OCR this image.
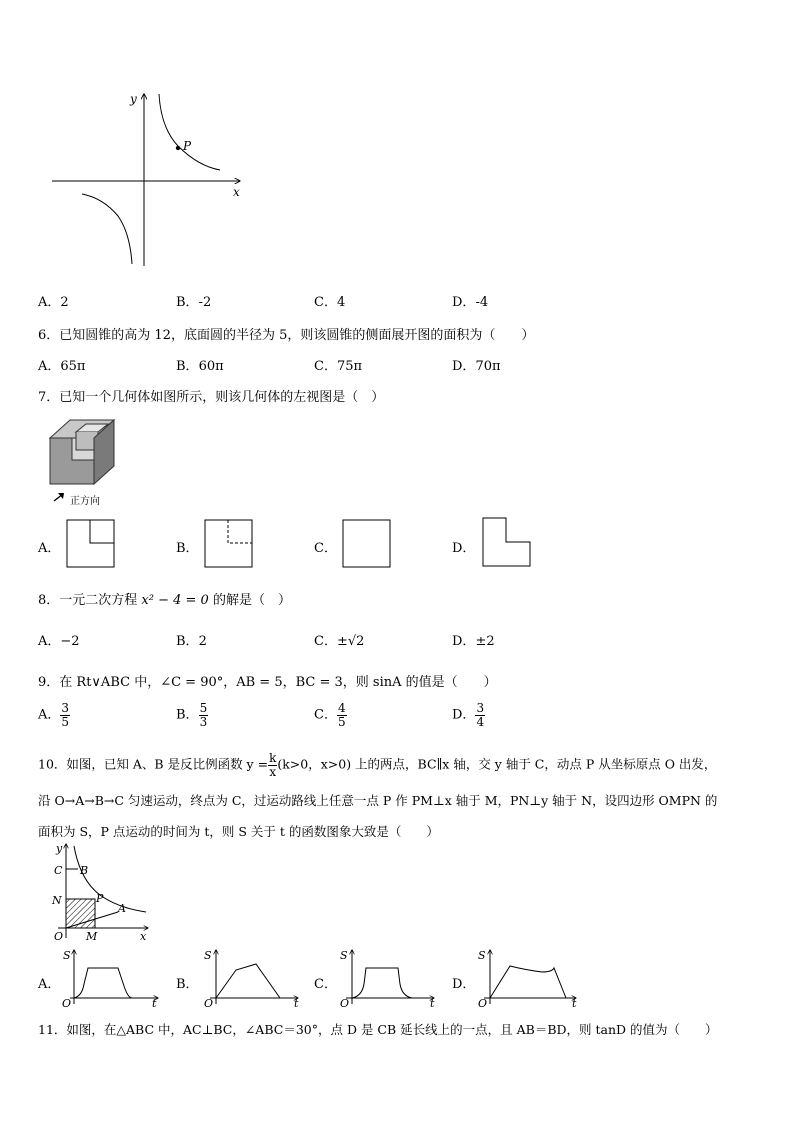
y
x
P
A．2	B．-2	C．4	D．-4
6．已知圆锥的高为 12，底面圆的半径为 5，则该圆锥的侧面展开图的面积为（　　）
A．65π	B．60π	C．75π	D．70π
7．已知一个几何体如图所示，则该几何体的左视图是（　）
正方向
A．	B．	C．	D．
8．一元二次方程 x² − 4 = 0 的解是（　）
A．−2	B．2	C．±√2	D．±2
9．在 Rt∨ABC 中，∠C = 90°，AB = 5，BC = 3，则 sinA 的值是（　　）
A． $\frac{3}{5}$	B． $\frac{5}{3}$	C． $\frac{4}{5}$	D． $\frac{3}{4}$
10．如图，已知 A、B 是反比例函数 $y = \frac{k}{x} (k>0$，x>0) 上的两点，BC∥x 轴，交 y 轴于 C，动点 P 从坐标原点 O 出发，
沿 O→A→B→C 匀速运动，终点为 C，过运动路线上任意一点 P 作 PM⊥x 轴于 M，PN⊥y 轴于 N，设四边形 OMPN 的
面积为 S，P 点运动的时间为 t，则 S 关于 t 的函数图象大致是（　　）
y
C B
N	P
A
O M	x
A．
S
O	t
B．
S
O	t
C．
S
O	t
D．
S
O	t
11．如图，在△ABC 中，AC⊥BC，∠ABC＝30°，点 D 是 CB 延长线上的一点，且 AB＝BD，则 tanD 的值为（　　）
